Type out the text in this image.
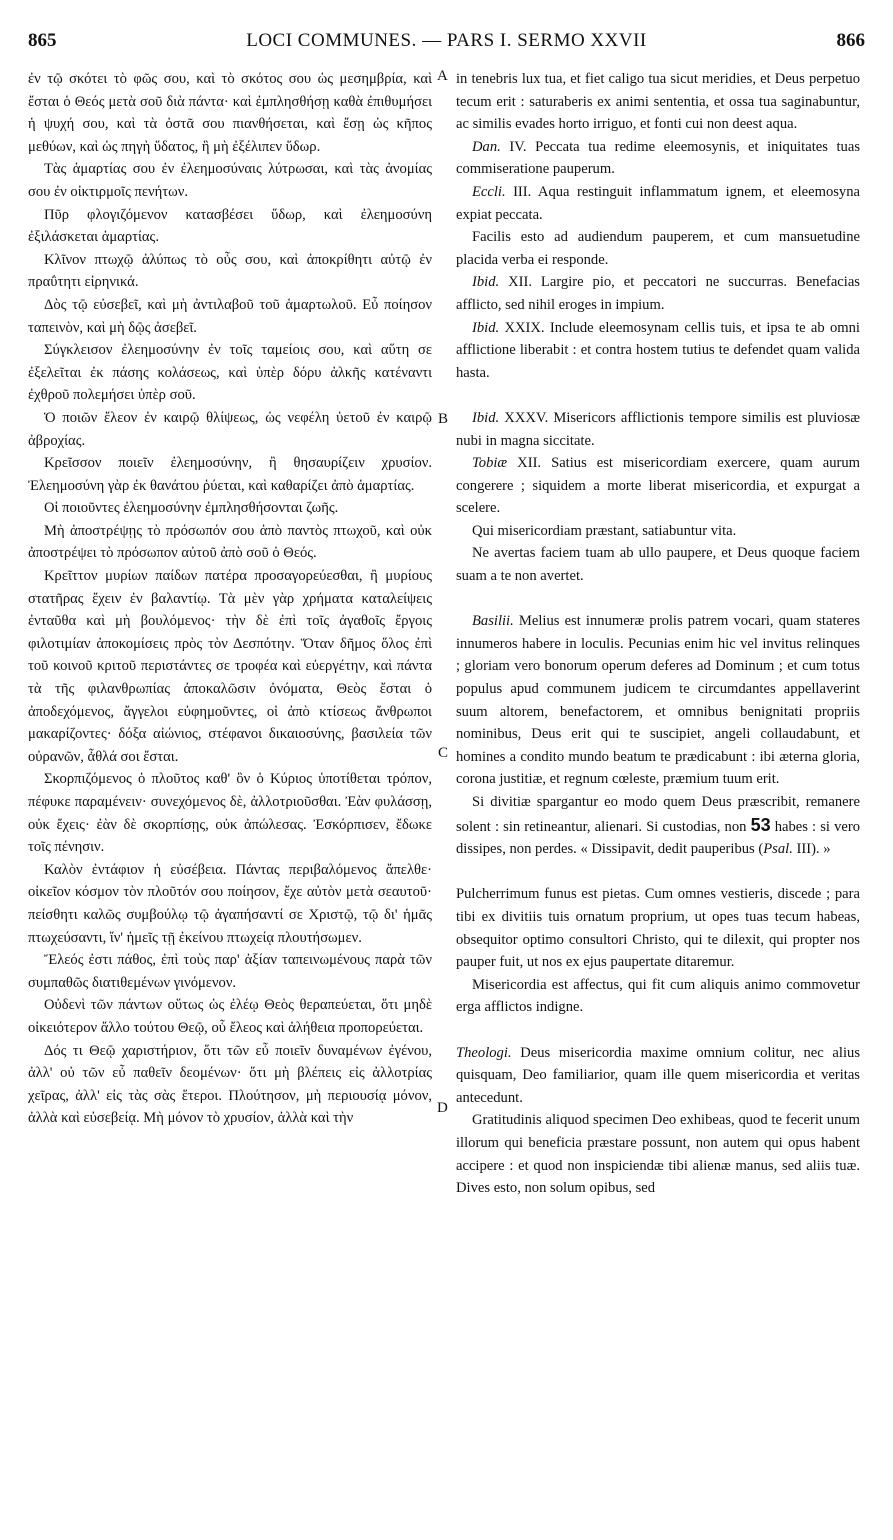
865	LOCI COMMUNES. — PARS I. SERMO XXVII	866
A
B
C
D

ἐν τῷ σκότει τὸ φῶς σου, καὶ τὸ σκότος σου ὡς μεσημβρία, καὶ ἔσται ὁ Θεός μετὰ σοῦ διὰ πάντα· καὶ ἐμπλησθήσῃ καθὰ ἐπιθυμήσει ἡ ψυχή σου, καὶ τὰ ὀστᾶ σου πιανθήσεται, καὶ ἔσῃ ὡς κῆπος μεθύων, καὶ ὡς πηγὴ ὕδατος, ἣ μὴ ἐξέλιπεν ὕδωρ.

Τὰς ἁμαρτίας σου ἐν ἐλεημοσύναις λύτρωσαι, καὶ τὰς ἀνομίας σου ἐν οἰκτιρμοῖς πενήτων.

Πῦρ φλογιζόμενον κατασβέσει ὕδωρ, καὶ ἐλεημοσύνη ἐξιλάσκεται ἁμαρτίας.

Κλῖνον πτωχῷ ἀλύπως τὸ οὖς σου, καὶ ἀποκρίθητι αὐτῷ ἐν πραΰτητι εἰρηνικά.

Δὸς τῷ εὐσεβεῖ, καὶ μὴ ἀντιλαβοῦ τοῦ ἁμαρτωλοῦ. Εὖ ποίησον ταπεινὸν, καὶ μὴ δῷς ἀσεβεῖ.

Σύγκλεισον ἐλεημοσύνην ἐν τοῖς ταμείοις σου, καὶ αὕτη σε ἐξελεῖται ἐκ πάσης κολάσεως, καὶ ὑπὲρ δόρυ ἀλκῆς κατέναντι ἐχθροῦ πολεμήσει ὑπὲρ σοῦ.

Ὁ ποιῶν ἔλεον ἐν καιρῷ θλίψεως, ὡς νεφέλη ὑετοῦ ἐν καιρῷ ἀβροχίας.

Κρεῖσσον ποιεῖν ἐλεημοσύνην, ἢ θησαυρίζειν χρυσίον. Ἐλεημοσύνη γὰρ ἐκ θανάτου ῥύεται, καὶ καθαρίζει ἀπὸ ἁμαρτίας.

Οἱ ποιοῦντες ἐλεημοσύνην ἐμπλησθήσονται ζωῆς.

Μὴ ἀποστρέψῃς τὸ πρόσωπόν σου ἀπὸ παντὸς πτωχοῦ, καὶ οὐκ ἀποστρέψει τὸ πρόσωπον αὐτοῦ ἀπὸ σοῦ ὁ Θεός.

Κρεῖττον μυρίων παίδων πατέρα προσαγορεύεσθαι, ἢ μυρίους στατῆρας ἔχειν ἐν βαλαντίῳ. Τὰ μὲν γὰρ χρήματα καταλείψεις ἐνταῦθα καὶ μὴ βουλόμενος· τὴν δὲ ἐπὶ τοῖς ἀγαθοῖς ἔργοις φιλοτιμίαν ἀποκομίσεις πρὸς τὸν Δεσπότην. Ὅταν δῆμος ὅλος ἐπὶ τοῦ κοινοῦ κριτοῦ περιστάντες σε τροφέα καὶ εὐεργέτην, καὶ πάντα τὰ τῆς φιλανθρωπίας ἀποκαλῶσιν ὀνόματα, Θεὸς ἔσται ὁ ἀποδεχόμενος, ἄγγελοι εὐφημοῦντες, οἱ ἀπὸ κτίσεως ἄνθρωποι μακαρίζοντες· δόξα αἰώνιος, στέφανοι δικαιοσύνης, βασιλεία τῶν οὐρανῶν, ἆθλά σοι ἔσται.

Σκορπιζόμενος ὁ πλοῦτος καθ' ὃν ὁ Κύριος ὑποτίθεται τρόπον, πέφυκε παραμένειν· συνεχόμενος δὲ, ἀλλοτριοῦσθαι. Ἐὰν φυλάσσῃ, οὐκ ἔχεις· ἐὰν δὲ σκορπίσῃς, οὐκ ἀπώλεσας. Ἐσκόρπισεν, ἔδωκε τοῖς πένησιν.

Καλὸν ἐντάφιον ἡ εὐσέβεια. Πάντας περιβαλόμενος ἄπελθε· οἰκεῖον κόσμον τὸν πλοῦτόν σου ποίησον, ἔχε αὐτὸν μετὰ σεαυτοῦ· πείσθητι καλῶς συμβούλῳ τῷ ἀγαπήσαντί σε Χριστῷ, τῷ δι' ἡμᾶς πτωχεύσαντι, ἵν' ἡμεῖς τῇ ἐκείνου πτωχείᾳ πλουτήσωμεν.

Ἔλεός ἐστι πάθος, ἐπὶ τοὺς παρ' ἀξίαν ταπεινωμένους παρὰ τῶν συμπαθῶς διατιθεμένων γινόμενον.

Οὐδενὶ τῶν πάντων οὕτως ὡς ἐλέῳ Θεὸς θεραπεύεται, ὅτι μηδὲ οἰκειότερον ἄλλο τούτου Θεῷ, οὗ ἔλεος καὶ ἀλήθεια προπορεύεται.

Δός τι Θεῷ χαριστήριον, ὅτι τῶν εὖ ποιεῖν δυναμένων ἐγένου, ἀλλ' οὐ τῶν εὖ παθεῖν δεομένων· ὅτι μὴ βλέπεις εἰς ἀλλοτρίας χεῖρας, ἀλλ' εἰς τὰς σὰς ἕτεροι. Πλούτησον, μὴ περιουσίᾳ μόνον, ἀλλὰ καὶ εὐσεβείᾳ. Μὴ μόνον τὸ χρυσίον, ἀλλὰ καὶ τὴν

in tenebris lux tua, et fiet caligo tua sicut meridies, et Deus perpetuo tecum erit : saturaberis ex animi sententia, et ossa tua saginabuntur, ac similis evades horto irriguo, et fonti cui non deest aqua.

Dan. IV. Peccata tua redime eleemosynis, et iniquitates tuas commiseratione pauperum.

Eccli. III. Aqua restinguit inflammatum ignem, et eleemosyna expiat peccata.

Facilis esto ad audiendum pauperem, et cum mansuetudine placida verba ei responde.

Ibid. XII. Largire pio, et peccatori ne succurras. Benefacias afflicto, sed nihil eroges in impium.

Ibid. XXIX. Include eleemosynam cellis tuis, et ipsa te ab omni afflictione liberabit : et contra hostem tutius te defendet quam valida hasta.

Ibid. XXXV. Misericors afflictionis tempore similis est pluviosæ nubi in magna siccitate.

Tobiæ XII. Satius est misericordiam exercere, quam aurum congerere ; siquidem a morte liberat misericordia, et expurgat a scelere.

Qui misericordiam præstant, satiabuntur vita.

Ne avertas faciem tuam ab ullo paupere, et Deus quoque faciem suam a te non avertet.

Basilii. Melius est innumeræ prolis patrem vocari, quam stateres innumeros habere in loculis. Pecunias enim hic vel invitus relinques ; gloriam vero bonorum operum deferes ad Dominum ; et cum totus populus apud communem judicem te circumdantes appellaverint suum altorem, benefactorem, et omnibus benignitati propriis nominibus, Deus erit qui te suscipiet, angeli collaudabunt, et homines a condito mundo beatum te prædicabunt : ibi æterna gloria, corona justitiæ, et regnum cœleste, præmium tuum erit.

Si divitiæ spargantur eo modo quem Deus præscribit, remanere solent : sin retineantur, alienari. Si custodias, non 53 habes : si vero dissipes, non perdes. « Dissipavit, dedit pauperibus (Psal. III). »

Pulcherrimum funus est pietas. Cum omnes vestieris, discede ; para tibi ex divitiis tuis ornatum proprium, ut opes tuas tecum habeas, obsequitor optimo consultori Christo, qui te dilexit, qui propter nos pauper fuit, ut nos ex ejus paupertate ditaremur.

Misericordia est affectus, qui fit cum aliquis animo commovetur erga afflictos indigne.

Theologi. Deus misericordia maxime omnium colitur, nec alius quisquam, Deo familiarior, quam ille quem misericordia et veritas antecedunt.

Gratitudinis aliquod specimen Deo exhibeas, quod te fecerit unum illorum qui beneficia præstare possunt, non autem qui opus habent accipere : et quod non inspiciendæ tibi alienæ manus, sed aliis tuæ. Dives esto, non solum opibus, sed
